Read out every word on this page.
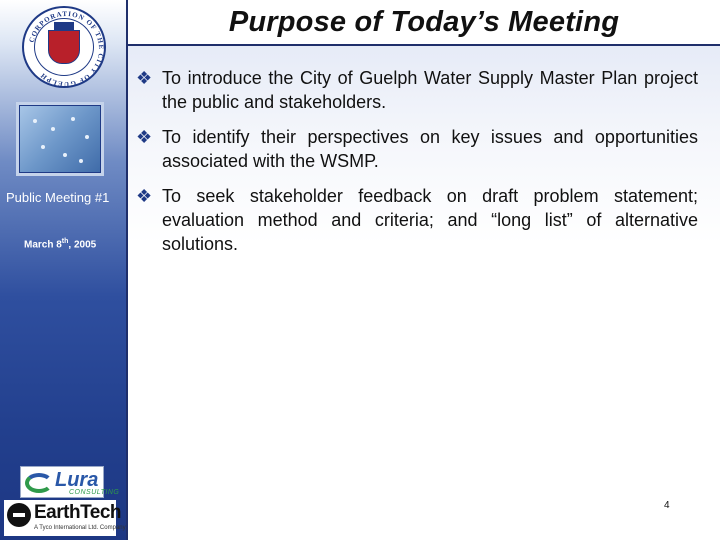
CORPORATION OF THE CITY OF GUELPH
Public Meeting #1
March 8th, 2005
Lura
CONSULTING
EarthTech
A Tyco International Ltd. Company
Purpose of Today’s Meeting
❖ To introduce the City of Guelph Water Supply Master Plan project the public and stakeholders.
❖ To identify their perspectives on key issues and opportunities associated with the WSMP.
❖ To seek stakeholder feedback on draft problem statement; evaluation method and criteria; and “long list” of alternative solutions.
4
